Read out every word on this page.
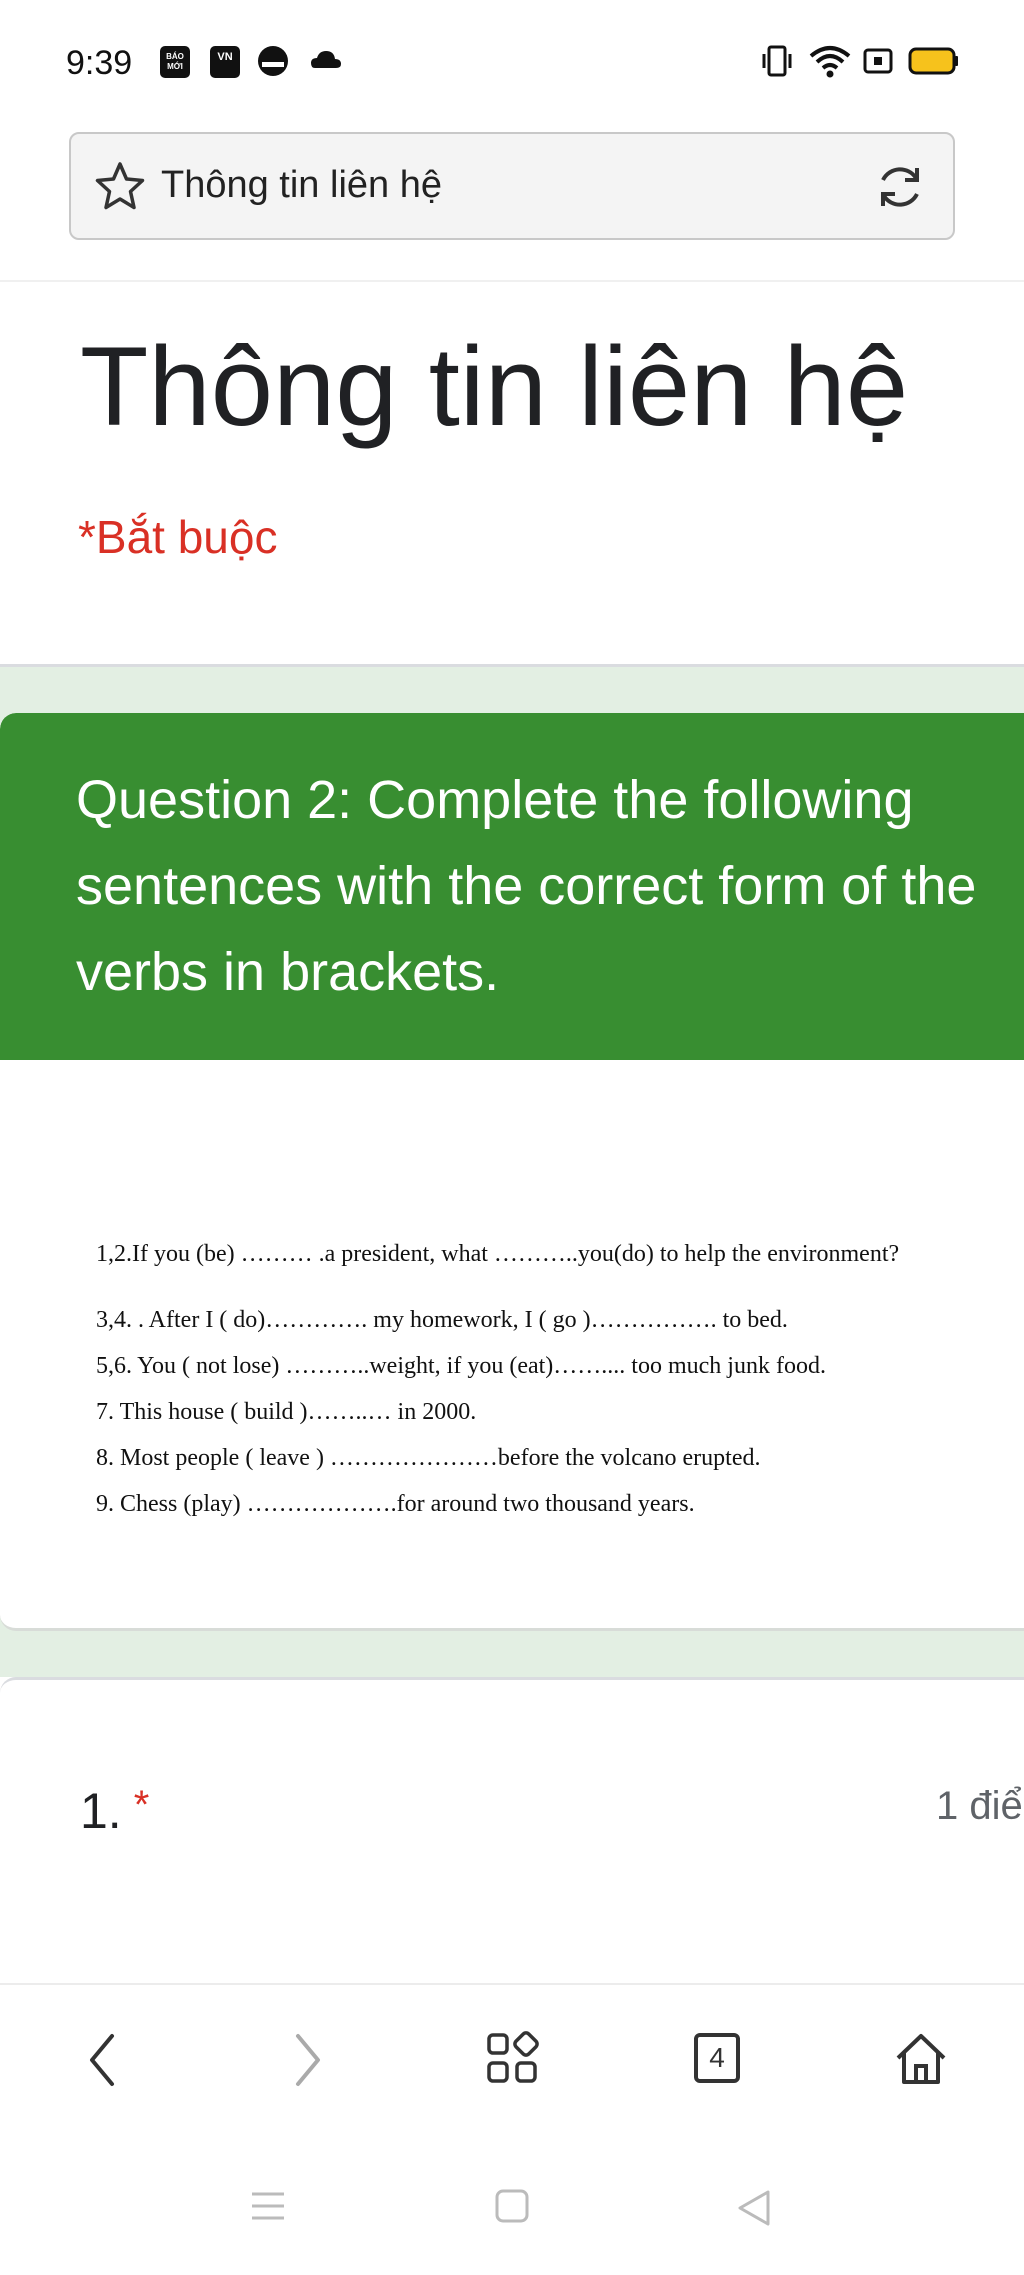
9:39	BÁO MỚI
VN
Thông tin liên hệ
Thông tin liên hệ
*Bắt buộc
Question 2: Complete the following sentences with the correct form of the verbs in brackets.
1,2.If you (be) ……… .a president, what ………..you(do) to help the environment?
3,4. . After I ( do)…………. my homework, I ( go )……………. to bed.
5,6. You ( not lose) ………..weight, if you (eat)…….... too much junk food.
7. This house ( build )……..… in 2000.
8. Most people ( leave ) …………………before the volcano erupted.
9. Chess (play) ……………….for around two thousand years.
1. *	1 điể
4
